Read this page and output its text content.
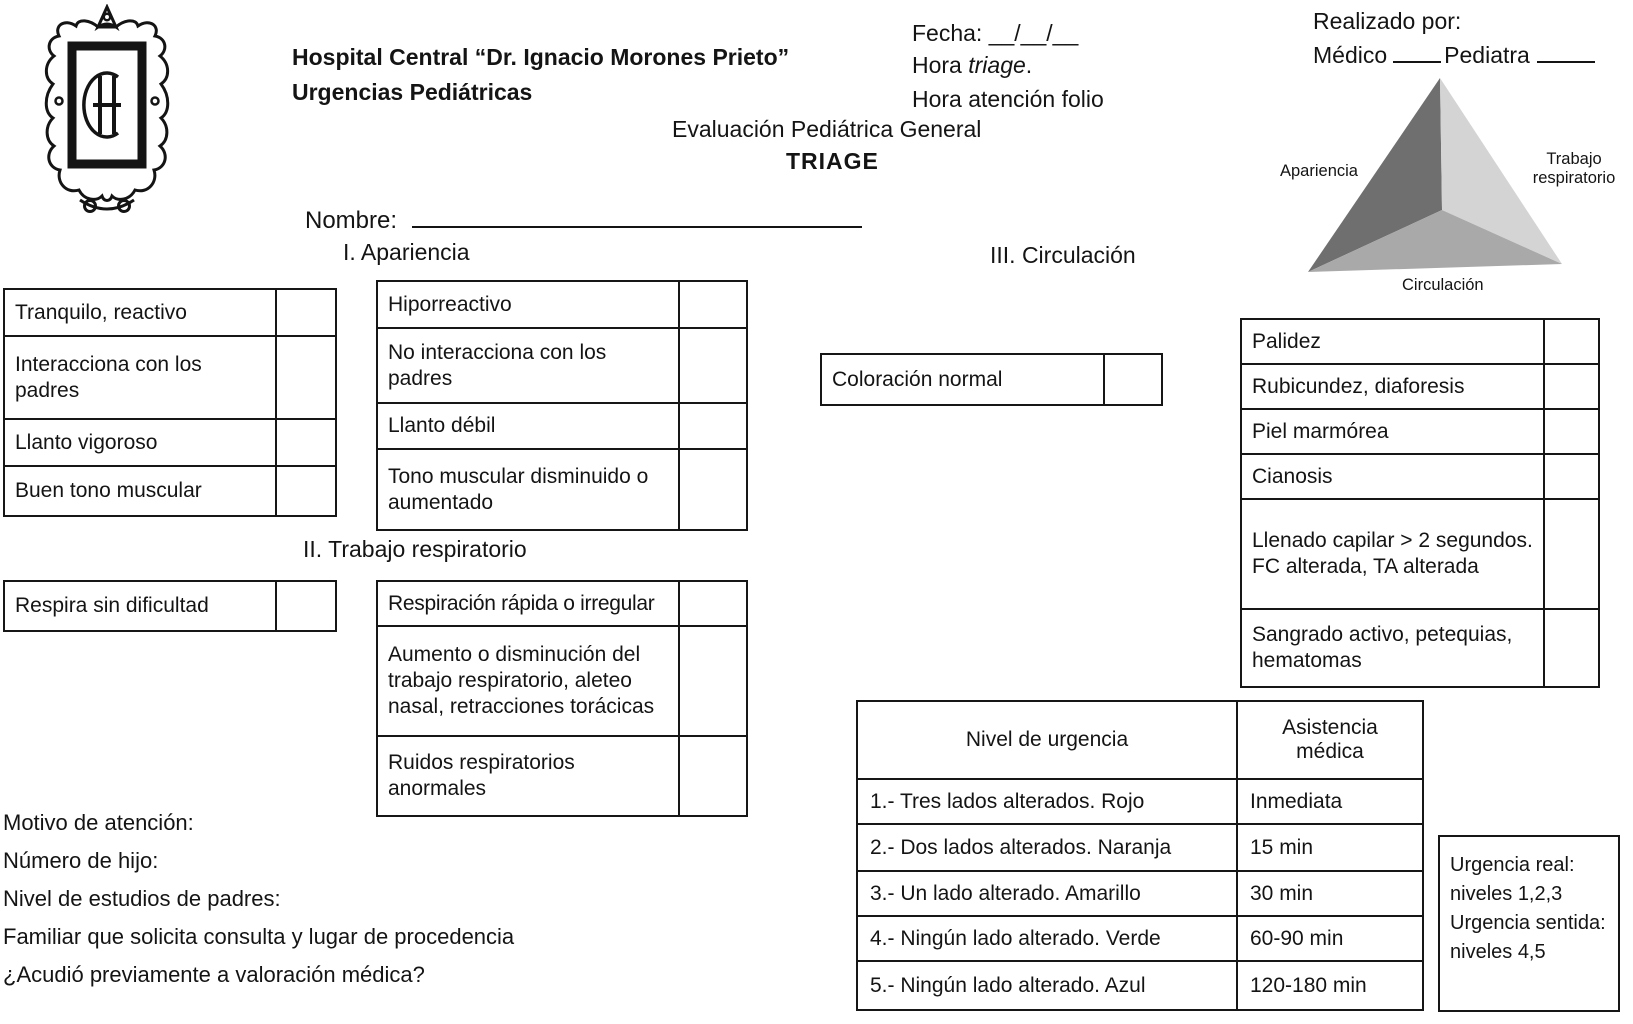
Hospital Central “Dr. Ignacio Morones Prieto”
Urgencias Pediátricas
Evaluación Pediátrica General
TRIAGE
Fecha: __/__/__
Hora triage.
Hora atención folio
Realizado por:
Médico Pediatra
Apariencia
Trabajo respiratorio
Circulación
Nombre:
I. Apariencia	III. Circulación
II. Trabajo respiratorio
Tranquilo, reactivo
Interacciona con los padres
Llanto vigoroso
Buen tono muscular
Hiporreactivo
No interacciona con los padres
Llanto débil
Tono muscular disminuido o aumentado
Respira sin dificultad	Respiración rápida o irregular
Aumento o disminución del trabajo respiratorio, aleteo nasal, retracciones torácicas
Ruidos respiratorios anormales
Coloración normal
Palidez
Rubicundez, diaforesis
Piel marmórea
Cianosis
Llenado capilar > 2 segundos. FC alterada, TA alterada
Sangrado activo, petequias, hematomas
Motivo de atención:
Número de hijo:
Nivel de estudios de padres:
Familiar que solicita consulta y lugar de procedencia
¿Acudió previamente a valoración médica?
Nivel de urgencia
Asistencia médica
1.- Tres lados alterados. Rojo	Inmediata
2.- Dos lados alterados. Naranja	15 min
3.- Un lado alterado. Amarillo	30 min
4.- Ningún lado alterado. Verde	60-90 min
5.- Ningún lado alterado. Azul	120-180 min
Urgencia real:
niveles 1,2,3
Urgencia sentida:
niveles 4,5
